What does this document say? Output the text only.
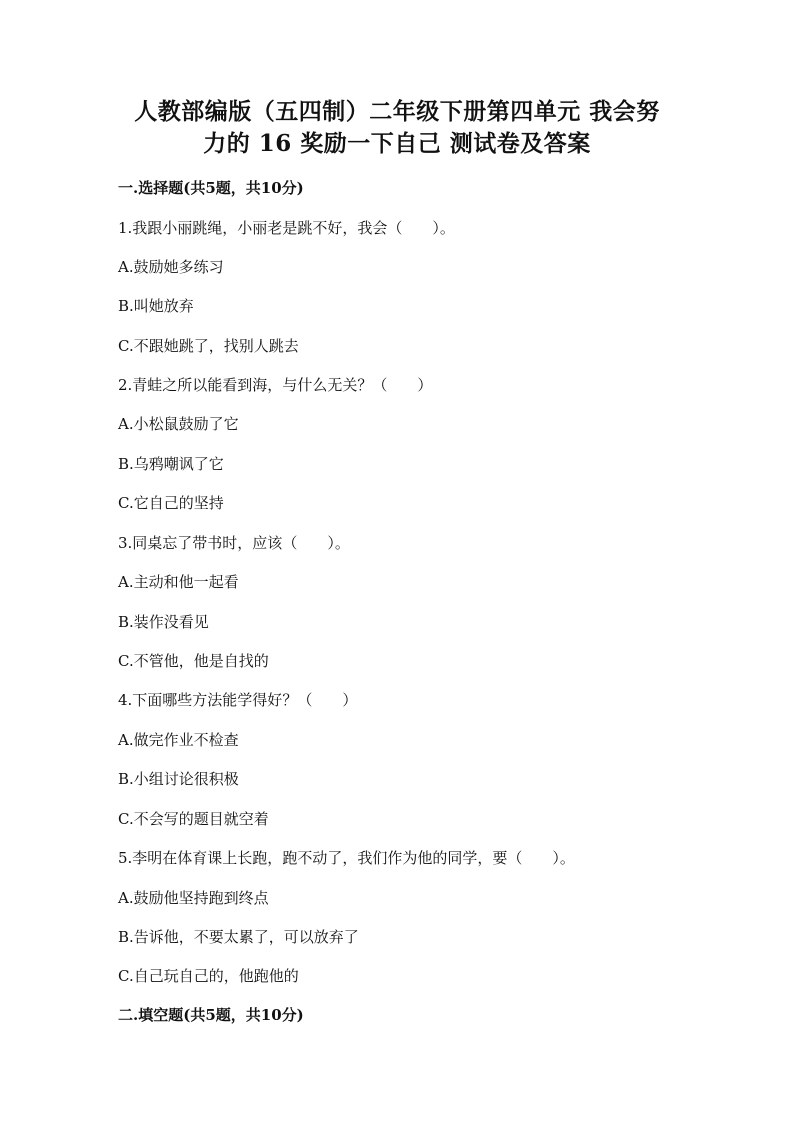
人教部编版（五四制）二年级下册第四单元 我会努
力的 16 奖励一下自己 测试卷及答案
一.选择题(共5题，共10分)

1.我跟小丽跳绳，小丽老是跳不好，我会（　　）。

A.鼓励她多练习

B.叫她放弃

C.不跟她跳了，找别人跳去

2.青蛙之所以能看到海，与什么无关？（　　）

A.小松鼠鼓励了它

B.乌鸦嘲讽了它

C.它自己的坚持

3.同桌忘了带书时，应该（　　）。

A.主动和他一起看

B.装作没看见

C.不管他，他是自找的

4.下面哪些方法能学得好？（　　）

A.做完作业不检查

B.小组讨论很积极

C.不会写的题目就空着

5.李明在体育课上长跑，跑不动了，我们作为他的同学，要（　　）。

A.鼓励他坚持跑到终点

B.告诉他，不要太累了，可以放弃了

C.自己玩自己的，他跑他的

二.填空题(共5题，共10分)
